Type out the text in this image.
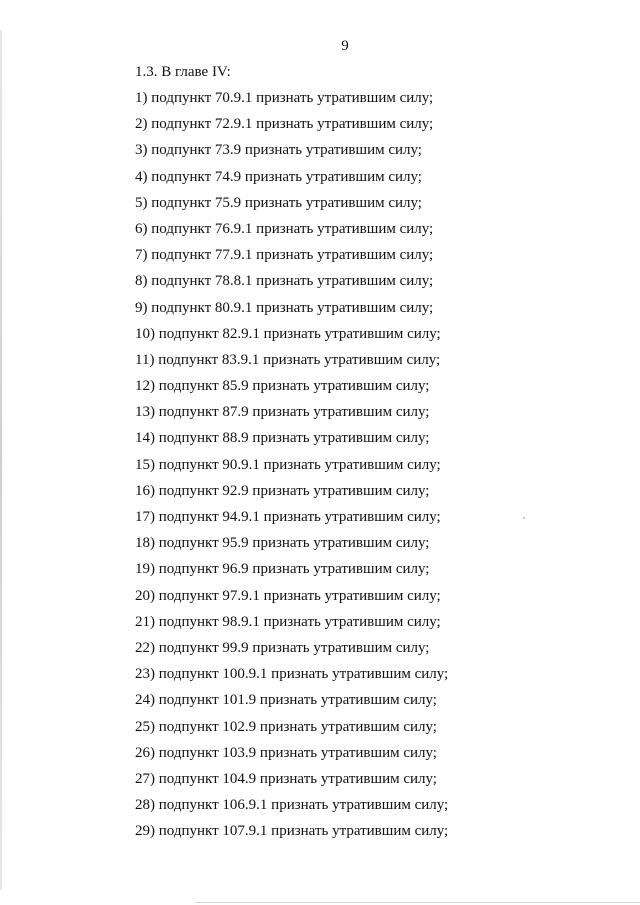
9
1.3. В главе IV:
1) подпункт 70.9.1 признать утратившим силу;
2) подпункт 72.9.1 признать утратившим силу;
3) подпункт 73.9 признать утратившим силу;
4) подпункт 74.9 признать утратившим силу;
5) подпункт 75.9 признать утратившим силу;
6) подпункт 76.9.1 признать утратившим силу;
7) подпункт 77.9.1 признать утратившим силу;
8) подпункт 78.8.1 признать утратившим силу;
9) подпункт 80.9.1 признать утратившим силу;
10) подпункт 82.9.1 признать утратившим силу;
11) подпункт 83.9.1 признать утратившим силу;
12) подпункт 85.9 признать утратившим силу;
13) подпункт 87.9 признать утратившим силу;
14) подпункт 88.9 признать утратившим силу;
15) подпункт 90.9.1 признать утратившим силу;
16) подпункт 92.9 признать утратившим силу;
17) подпункт 94.9.1 признать утратившим силу;
18) подпункт 95.9 признать утратившим силу;
19) подпункт 96.9 признать утратившим силу;
20) подпункт 97.9.1 признать утратившим силу;
21) подпункт 98.9.1 признать утратившим силу;
22) подпункт 99.9 признать утратившим силу;
23) подпункт 100.9.1 признать утратившим силу;
24) подпункт 101.9 признать утратившим силу;
25) подпункт 102.9 признать утратившим силу;
26) подпункт 103.9 признать утратившим силу;
27) подпункт 104.9 признать утратившим силу;
28) подпункт 106.9.1 признать утратившим силу;
29) подпункт 107.9.1 признать утратившим силу;
